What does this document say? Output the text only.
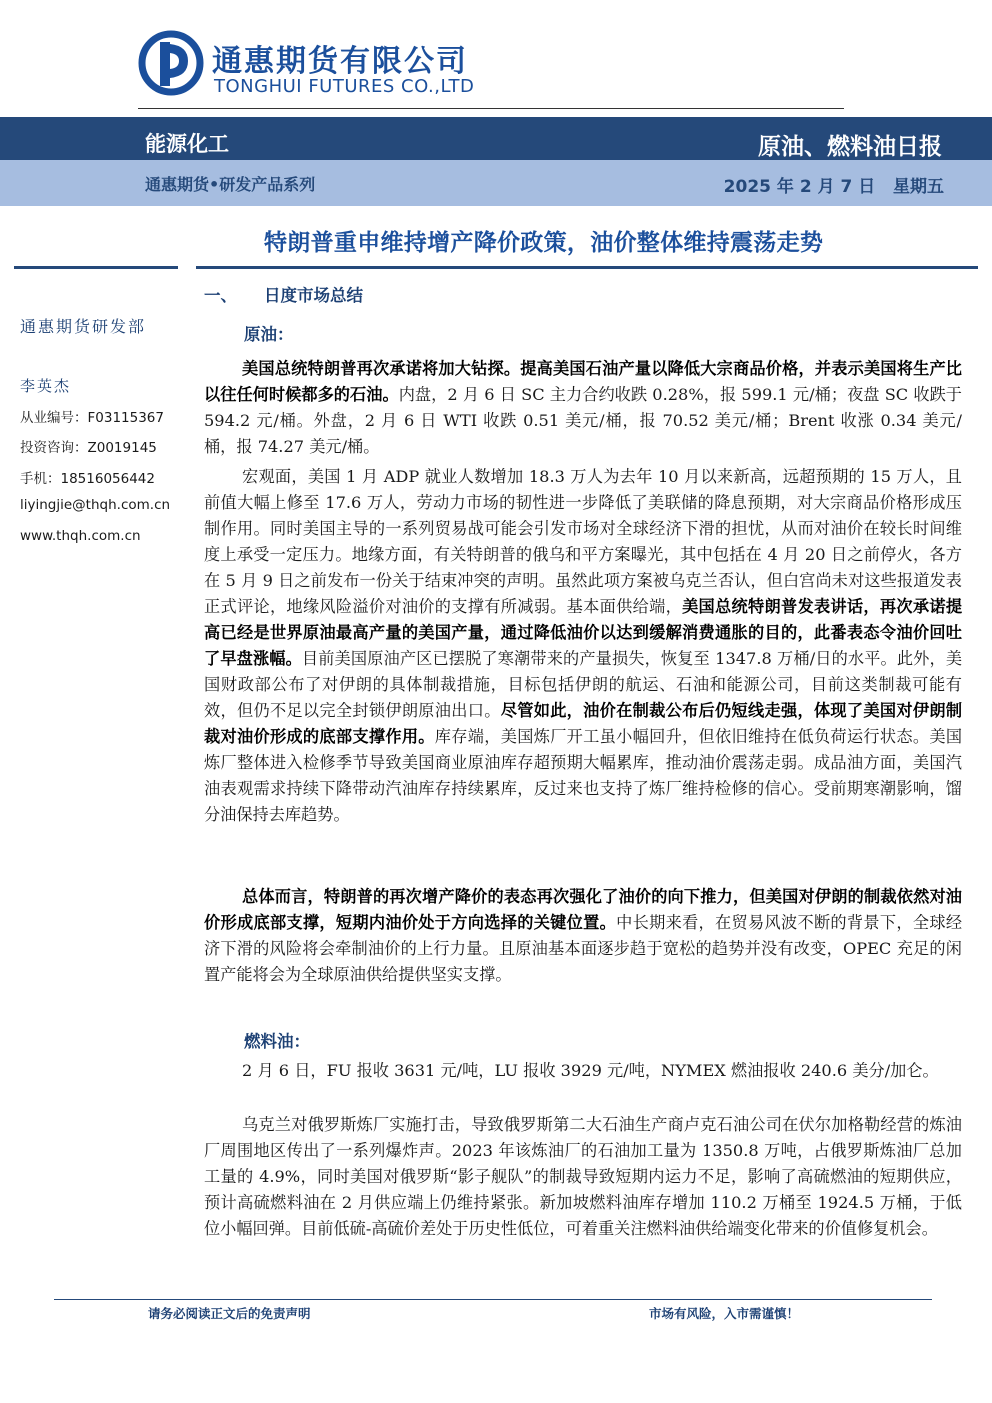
通惠期货有限公司
TONGHUI FUTURES CO.,LTD
能源化工	原油、燃料油日报
通惠期货•研发产品系列	2025 年 2 月 7 日   星期五
特朗普重申维持增产降价政策，油价整体维持震荡走势
通惠期货研发部
李英杰
从业编号：F03115367
投资咨询：Z0019145
手机：18516056442
liyingjie@thqh.com.cn
www.thqh.com.cn
一、 日度市场总结
原油：

美国总统特朗普再次承诺将加大钻探。提高美国石油产量以降低大宗商品价格，并表示美国将生产比以往任何时候都多的石油。内盘，2 月 6 日 SC 主力合约收跌 0.28%，报 599.1 元/桶；夜盘 SC 收跌于 594.2 元/桶。外盘，2 月 6 日 WTI 收跌 0.51 美元/桶，报 70.52 美元/桶；Brent 收涨 0.34 美元/桶，报 74.27 美元/桶。

宏观面，美国 1 月 ADP 就业人数增加 18.3 万人为去年 10 月以来新高，远超预期的 15 万人，且前值大幅上修至 17.6 万人，劳动力市场的韧性进一步降低了美联储的降息预期，对大宗商品价格形成压制作用。同时美国主导的一系列贸易战可能会引发市场对全球经济下滑的担忧，从而对油价在较长时间维度上承受一定压力。地缘方面，有关特朗普的俄乌和平方案曝光，其中包括在 4 月 20 日之前停火，各方在 5 月 9 日之前发布一份关于结束冲突的声明。虽然此项方案被乌克兰否认，但白宫尚未对这些报道发表正式评论，地缘风险溢价对油价的支撑有所减弱。基本面供给端，美国总统特朗普发表讲话，再次承诺提高已经是世界原油最高产量的美国产量，通过降低油价以达到缓解消费通胀的目的，此番表态令油价回吐了早盘涨幅。目前美国原油产区已摆脱了寒潮带来的产量损失，恢复至 1347.8 万桶/日的水平。此外，美国财政部公布了对伊朗的具体制裁措施，目标包括伊朗的航运、石油和能源公司，目前这类制裁可能有效，但仍不足以完全封锁伊朗原油出口。尽管如此，油价在制裁公布后仍短线走强，体现了美国对伊朗制裁对油价形成的底部支撑作用。库存端，美国炼厂开工虽小幅回升，但依旧维持在低负荷运行状态。美国炼厂整体进入检修季节导致美国商业原油库存超预期大幅累库，推动油价震荡走弱。成品油方面，美国汽油表观需求持续下降带动汽油库存持续累库，反过来也支持了炼厂维持检修的信心。受前期寒潮影响，馏分油保持去库趋势。

总体而言，特朗普的再次增产降价的表态再次强化了油价的向下推力，但美国对伊朗的制裁依然对油价形成底部支撑，短期内油价处于方向选择的关键位置。中长期来看，在贸易风波不断的背景下，全球经济下滑的风险将会牵制油价的上行力量。且原油基本面逐步趋于宽松的趋势并没有改变，OPEC 充足的闲置产能将会为全球原油供给提供坚实支撑。

燃料油：

2 月 6 日，FU 报收 3631 元/吨，LU 报收 3929 元/吨，NYMEX 燃油报收 240.6 美分/加仑。

乌克兰对俄罗斯炼厂实施打击，导致俄罗斯第二大石油生产商卢克石油公司在伏尔加格勒经营的炼油厂周围地区传出了一系列爆炸声。2023 年该炼油厂的石油加工量为 1350.8 万吨，占俄罗斯炼油厂总加工量的 4.9%，同时美国对俄罗斯“影子舰队”的制裁导致短期内运力不足，影响了高硫燃油的短期供应，预计高硫燃料油在 2 月供应端上仍维持紧张。新加坡燃料油库存增加 110.2 万桶至 1924.5 万桶，于低位小幅回弹。目前低硫-高硫价差处于历史性低位，可着重关注燃料油供给端变化带来的价值修复机会。

请务必阅读正文后的免责声明	市场有风险，入市需谨慎！
